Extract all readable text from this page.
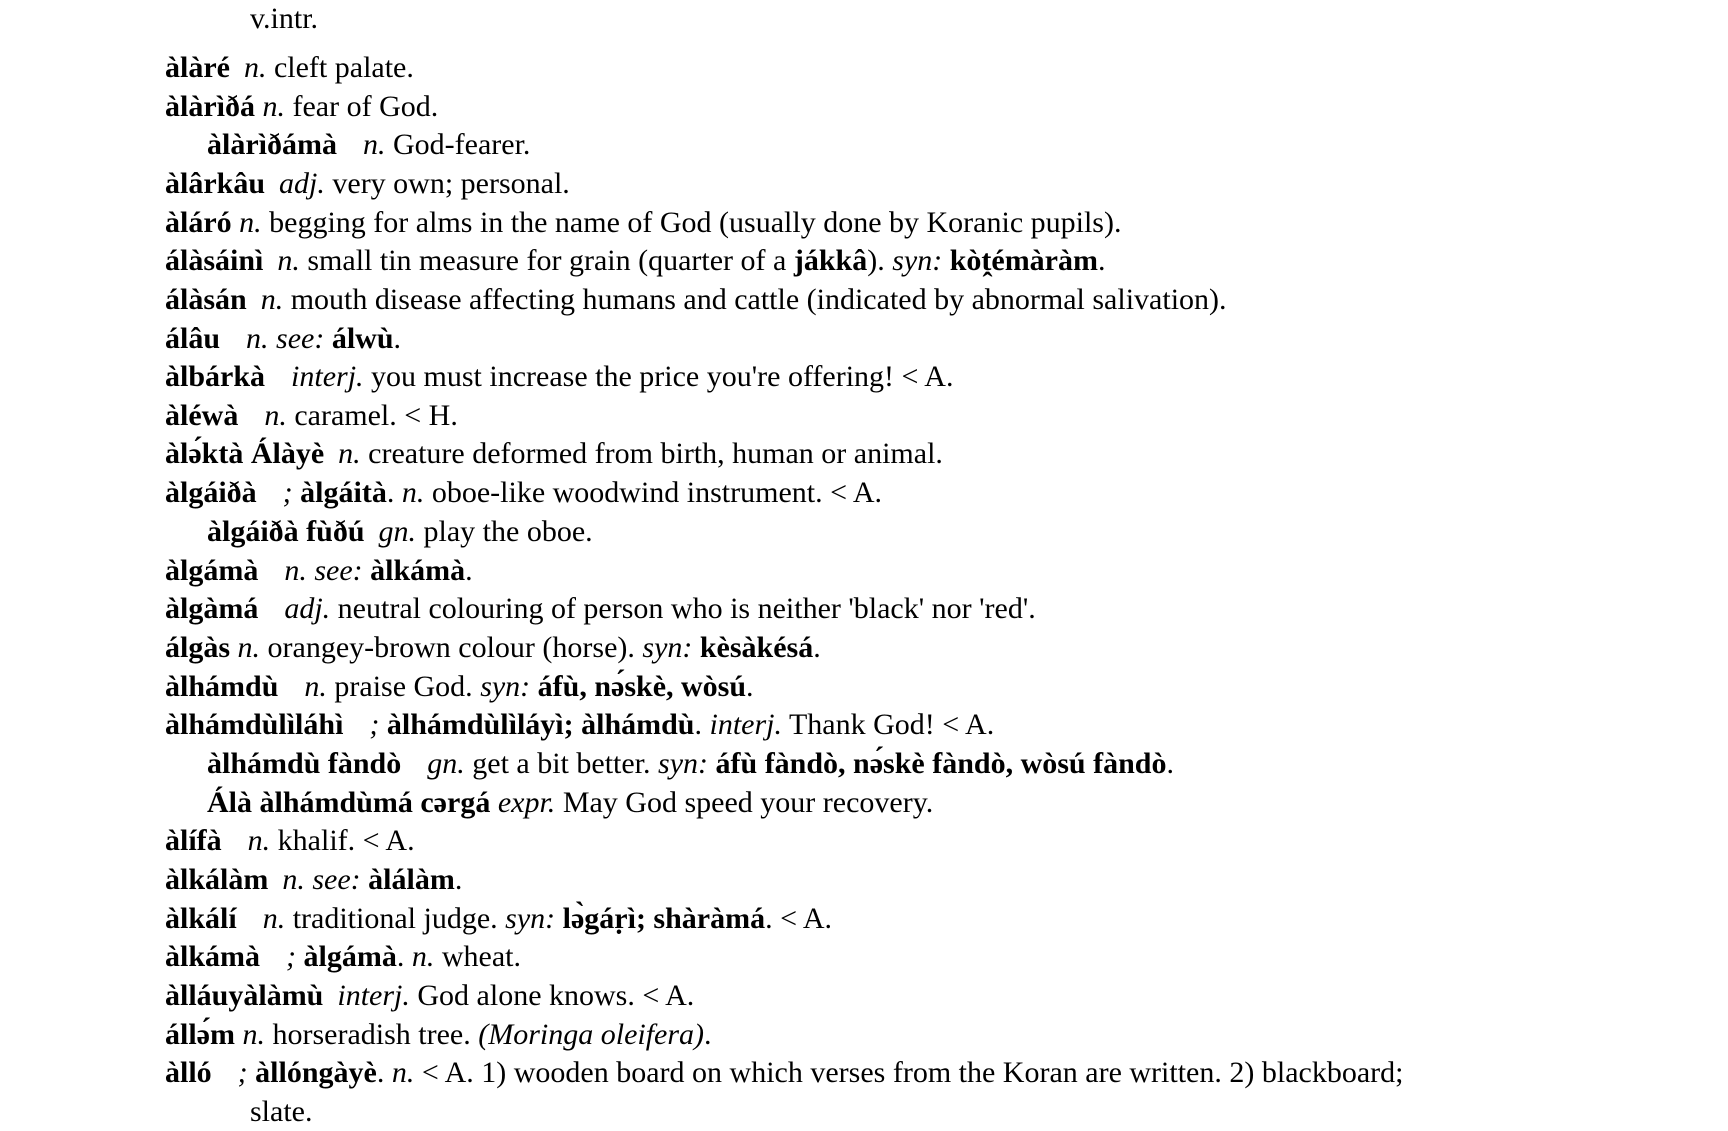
v.intr.
àlàré n. cleft palate.
àlàrìðá n. fear of God.
àlàrìðámà n. God-fearer.
àlârkâu adj. very own; personal.
àláró n. begging for alms in the name of God (usually done by Koranic pupils).
álàsáinì n. small tin measure for grain (quarter of a jákkâ). syn: kòṱémàràm.
álàsán n. mouth disease affecting humans and cattle (indicated by abnormal salivation).
álâu n. see: álwù.
àlbárkà interj. you must increase the price you're offering! < A.
àléwà n. caramel. < H.
àlə́ktà Álàyè n. creature deformed from birth, human or animal.
àlgáiðà ; àlgáità. n. oboe-like woodwind instrument. < A.
àlgáiðà fùðú gn. play the oboe.
àlgámà n. see: àlkámà.
àlgàmá adj. neutral colouring of person who is neither 'black' nor 'red'.
álgàs n. orangey-brown colour (horse). syn: kèsàkésá.
àlhámdù n. praise God. syn: áfù, nə́skè, wòsú.
àlhámdùlìláhì ; àlhámdùlìláyì; àlhámdù. interj. Thank God! < A.
àlhámdù fàndò gn. get a bit better. syn: áfù fàndò, nə́skè fàndò, wòsú fàndò.
Álà àlhámdùmá cərgá expr. May God speed your recovery.
àlífà n. khalif. < A.
àlkálàm n. see: àlálàm.
àlkálí n. traditional judge. syn: lə̀gáṛì; shàràmá. < A.
àlkámà ; àlgámà. n. wheat.
àlláuyàlàmù interj. God alone knows. < A.
állə́m n. horseradish tree. (Moringa oleifera).
àlló ; àllóngàyè. n. < A. 1) wooden board on which verses from the Koran are written. 2) blackboard;
slate.
